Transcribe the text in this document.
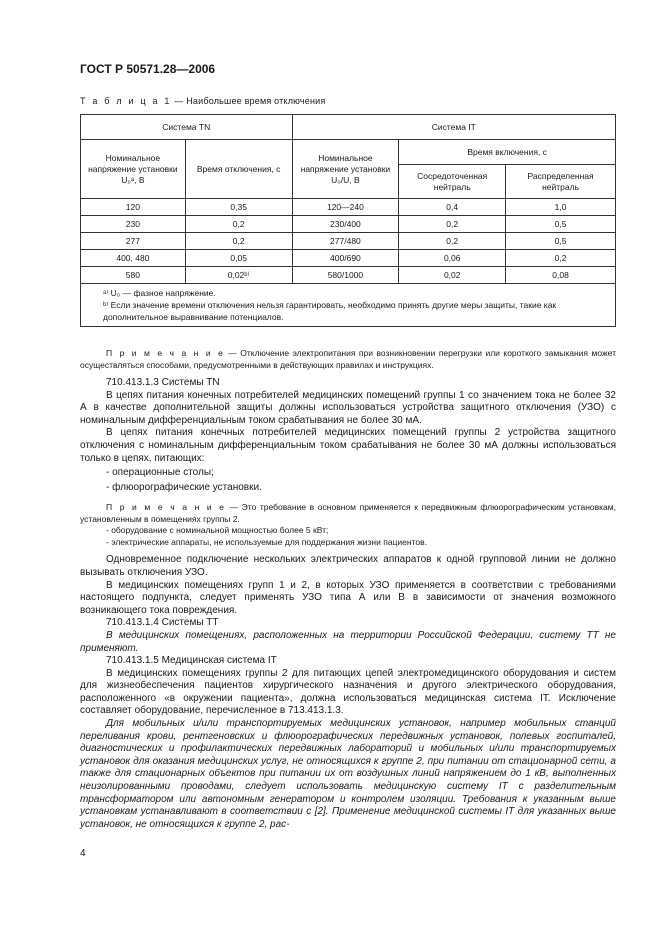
ГОСТ Р 50571.28—2006
Т а б л и ц а 1 — Наибольшее время отключения
Система TN		Система IT		
Номинальное напряжение установки U₀ᵃ, В	Время отключения, с	Номинальное напряжение установки U₀/U, В	Время включения, с	
			Сосредоточенная нейтраль	Распределенная нейтраль
120	0,35	120—240	0,4	1,0
230	0,2	230/400	0,2	0,5
277	0,2	277/480	0,2	0,5
400, 480	0,05	400/690	0,06	0,2
580	0,02ᵇ⁾	580/1000	0,02	0,08

ᵃ⁾ U₀ — фазное напряжение.
ᵇ⁾ Если значение времени отключения нельзя гарантировать, необходимо принять другие меры защиты, такие как дополнительное выравнивание потенциалов.				

П р и м е ч а н и е — Отключение электропитания при возникновении перегрузки или короткого замыкания может осуществляться способами, предусмотренными в действующих правилах и инструкциях.

710.413.1.3 Системы TN

В цепях питания конечных потребителей медицинских помещений группы 1 со значением тока не более 32 А в качестве дополнительной защиты должны использоваться устройства защитного отключения (УЗО) с номинальным дифференциальным током срабатывания не более 30 мА.

В цепях питания конечных потребителей медицинских помещений группы 2 устройства защитного отключения с номинальным дифференциальным током срабатывания не более 30 мА должны использоваться только в цепях, питающих:

- операционные столы;

- флюорографические установки.

П р и м е ч а н и е — Это требование в основном применяется к передвижным флюорографическим установкам, установленным в помещениях группы 2.

- оборудование с номинальной мощностью более 5 кВт;

- электрические аппараты, не используемые для поддержания жизни пациентов.

Одновременное подключение нескольких электрических аппаратов к одной групповой линии не должно вызывать отключения УЗО.

В медицинских помещениях групп 1 и 2, в которых УЗО применяется в соответствии с требованиями настоящего подпункта, следует применять УЗО типа А или В в зависимости от значения возможного возникающего тока повреждения.

710.413.1.4 Системы TT

В медицинских помещениях, расположенных на территории Российской Федерации, систему TT не применяют.

710.413.1.5 Медицинская система IT

В медицинских помещениях группы 2 для питающих цепей электромедицинского оборудования и систем для жизнеобеспечения пациентов хирургического назначения и другого электрического оборудования, расположенного «в окружении пациента», должна использоваться медицинская система IT. Исключение составляет оборудование, перечисленное в 713.413.1.3.

Для мобильных и/или транспортируемых медицинских установок, например мобильных станций переливания крови, рентгеновских и флюорографических передвижных установок, полевых госпиталей, диагностических и профилактических передвижных лабораторий и мобильных и/или транспортируемых установок для оказания медицинских услуг, не относящихся к группе 2, при питании от стационарной сети, а также для стационарных объектов при питании их от воздушных линий напряжением до 1 кВ, выполненных неизолированными проводами, следует использовать медицинскую систему IT с разделительным трансформатором или автономным генератором и контролем изоляции. Требования к указанным выше установкам устанавливают в соответствии с [2]. Применение медицинской системы IT для указанных выше установок, не относящихся к группе 2, рас-

4
